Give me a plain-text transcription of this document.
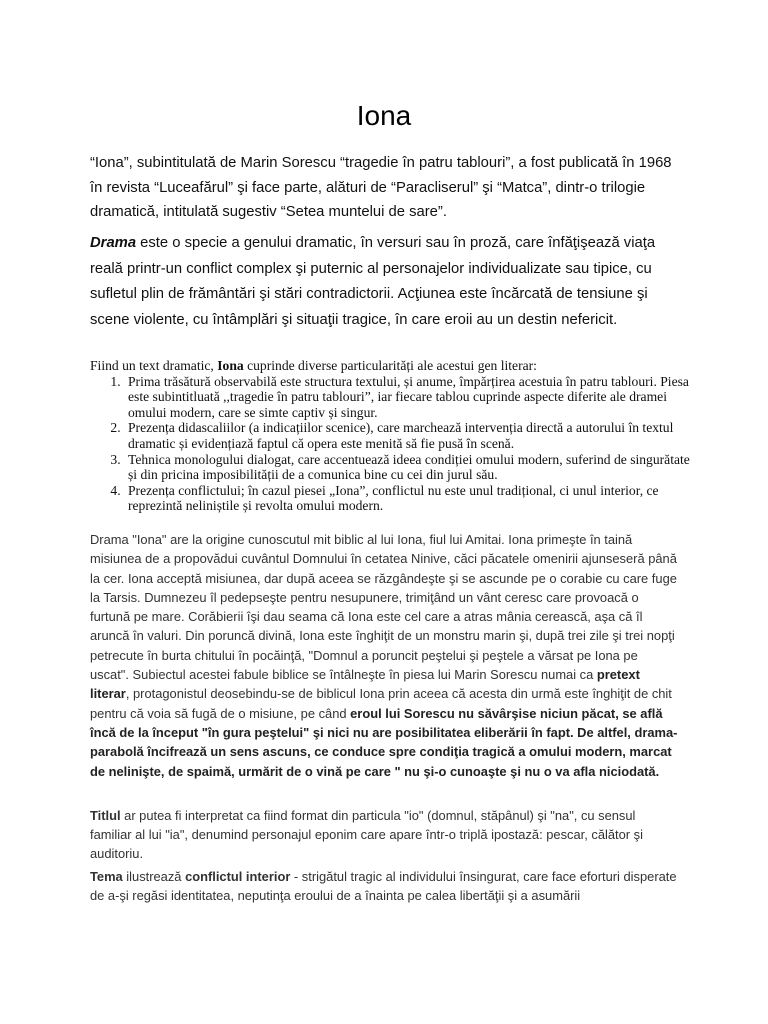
Iona

“Iona”, subintitulată de Marin Sorescu “tragedie în patru tablouri”, a fost publicată în 1968 în revista “Luceafărul” şi face parte, alături de “Paracliserul” şi “Matca”, dintr-o trilogie dramatică, intitulată sugestiv “Setea muntelui de sare”.

Drama este o specie a genului dramatic, în versuri sau în proză, care înfăţişează viaţa reală printr-un conflict complex şi puternic al personajelor individualizate sau tipice, cu sufletul plin de frământări şi stări contradictorii. Acţiunea este încărcată de tensiune şi scene violente, cu întâmplări şi situaţii tragice, în care eroii au un destin nefericit.

Fiind un text dramatic, Iona cuprinde diverse particularități ale acestui gen literar:

1. Prima trăsătură observabilă este structura textului, și anume, împărțirea acestuia în patru tablouri. Piesa este subintitluată ,,tragedie în patru tablouri”, iar fiecare tablou cuprinde aspecte diferite ale dramei omului modern, care se simte captiv și singur.
2. Prezența didascaliilor (a indicațiilor scenice), care marchează intervenția directă a autorului în textul dramatic și evidențiază faptul că opera este menită să fie pusă în scenă.
3. Tehnica monologului dialogat, care accentuează ideea condiției omului modern, suferind de singurătate și din pricina imposibilității de a comunica bine cu cei din jurul său.
4. Prezența conflictului; în cazul piesei „Iona”, conflictul nu este unul tradițional, ci unul interior, ce reprezintă neliniștile și revolta omului modern.

Drama "Iona" are la origine cunoscutul mit biblic al lui Iona, fiul lui Amitai. Iona primeşte în taină misiunea de a propovădui cuvântul Domnului în cetatea Ninive, căci păcatele omenirii ajunseseră până la cer. Iona acceptă misiunea, dar după aceea se răzgândeşte şi se ascunde pe o corabie cu care fuge la Tarsis. Dumnezeu îl pedepseşte pentru nesupunere, trimiţând un vânt ceresc care provoacă o furtună pe mare. Corăbierii îşi dau seama că Iona este cel care a atras mânia cerească, aşa că îl aruncă în valuri. Din poruncă divină, Iona este înghiţit de un monstru marin şi, după trei zile şi trei nopţi petrecute în burta chitului în pocăinţă, "Domnul a poruncit peştelui şi peştele a vărsat pe Iona pe uscat". Subiectul acestei fabule biblice se întâlneşte în piesa lui Marin Sorescu numai ca pretext literar, protagonistul deosebindu-se de biblicul Iona prin aceea că acesta din urmă este înghiţit de chit pentru că voia să fugă de o misiune, pe când eroul lui Sorescu nu săvârşise niciun păcat, se află încă de la început "în gura peştelui" şi nici nu are posibilitatea eliberării în fapt. De altfel, drama-parabolă încifrează un sens ascuns, ce conduce spre condiţia tragică a omului modern, marcat de nelinişte, de spaimă, urmărit de o vină pe care " nu şi-o cunoaşte şi nu o va afla niciodată.

Titlul ar putea fi interpretat ca fiind format din particula "io" (domnul, stăpânul) şi "na", cu sensul familiar al lui "ia", denumind personajul eponim care apare într-o triplă ipostază: pescar, călător şi auditoriu.

Tema ilustrează conflictul interior - strigătul tragic al individului însingurat, care face eforturi disperate de a-şi regăsi identitatea, neputinţa eroului de a înainta pe calea libertăţii şi a asumării
